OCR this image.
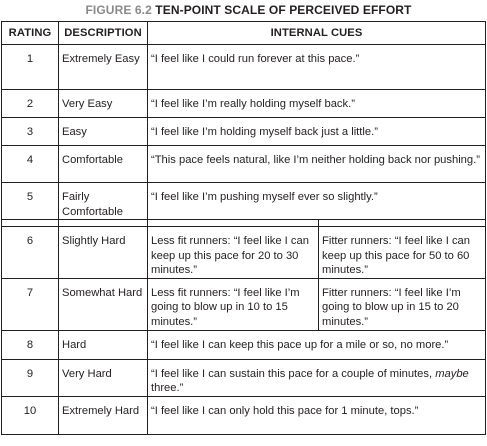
FIGURE 6.2 TEN-POINT SCALE OF PERCEIVED EFFORT
RATING	DESCRIPTION	INTERNAL CUES	
1	Extremely Easy	“I feel like I could run forever at this pace.”	
2	Very Easy	“I feel like I’m really holding myself back.”	
3	Easy	“I feel like I’m holding myself back just a little.”	
4	Comfortable	“This pace feels natural, like I’m neither holding back nor pushing.”	
5	Fairly Comfortable	“I feel like I’m pushing myself ever so slightly.”	

6	Slightly Hard	Less fit runners: “I feel like I can keep up this pace for 20 to 30 minutes.”	Fitter runners: “I feel like I can keep up this pace for 50 to 60 minutes.”
7	Somewhat Hard	Less fit runners: “I feel like I’m going to blow up in 10 to 15 minutes.”	Fitter runners: “I feel like I’m going to blow up in 15 to 20 minutes.”
8	Hard	“I feel like I can keep this pace up for a mile or so, no more.”	
9	Very Hard	“I feel like I can sustain this pace for a couple of minutes, maybe three.”	
10	Extremely Hard	“I feel like I can only hold this pace for 1 minute, tops.”	
